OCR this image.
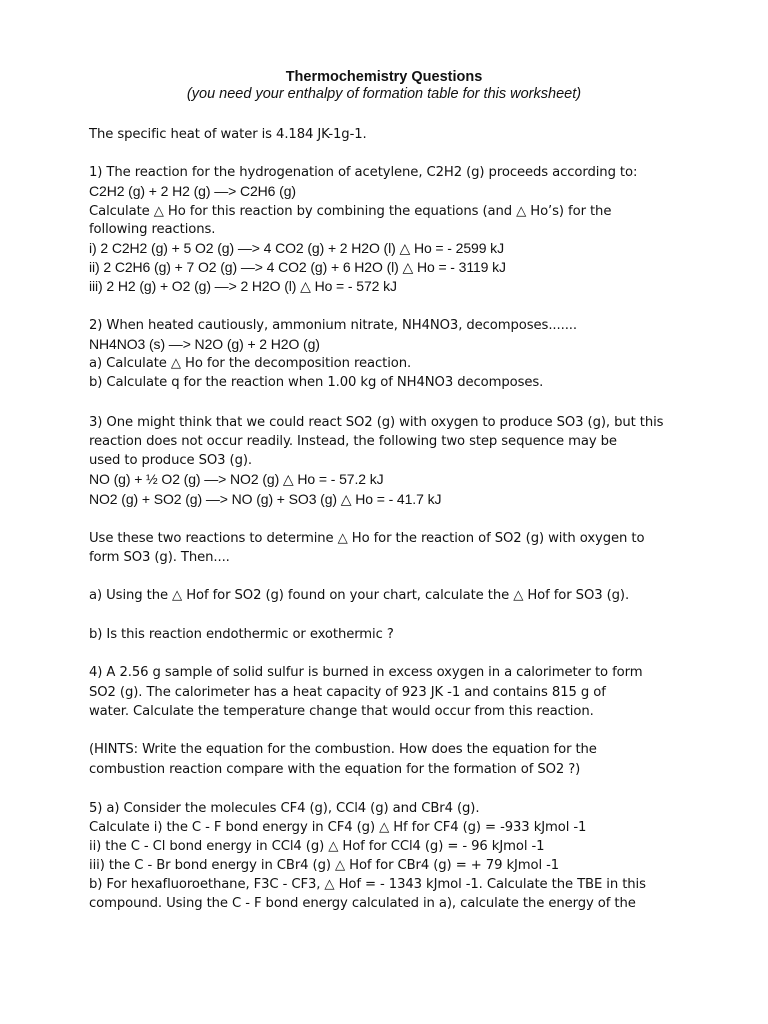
Thermochemistry Questions
(you need your enthalpy of formation table for this worksheet)
The specific heat of water is 4.184 JK-1g-1.
1) The reaction for the hydrogenation of acetylene, C2H2 (g) proceeds according to:
C2H2 (g) + 2 H2 (g) —> C2H6 (g)
Calculate △ Ho for this reaction by combining the equations (and △ Ho’s) for the
following reactions.
i) 2 C2H2 (g) + 5 O2 (g) —> 4 CO2 (g) + 2 H2O (l) △ Ho = - 2599 kJ
ii) 2 C2H6 (g) + 7 O2 (g) —> 4 CO2 (g) + 6 H2O (l) △ Ho = - 3119 kJ
iii) 2 H2 (g) + O2 (g) —> 2 H2O (l) △ Ho = - 572 kJ
2) When heated cautiously, ammonium nitrate, NH4NO3, decomposes.......
NH4NO3 (s) —> N2O (g) + 2 H2O (g)
a) Calculate △ Ho for the decomposition reaction.
b) Calculate q for the reaction when 1.00 kg of NH4NO3 decomposes.
3) One might think that we could react SO2 (g) with oxygen to produce SO3 (g), but this
reaction does not occur readily. Instead, the following two step sequence may be
used to produce SO3 (g).
NO (g) + ½ O2 (g) —> NO2 (g) △ Ho = - 57.2 kJ
NO2 (g) + SO2 (g) —> NO (g) + SO3 (g) △ Ho = - 41.7 kJ
Use these two reactions to determine △ Ho for the reaction of SO2 (g) with oxygen to
form SO3 (g). Then....
a) Using the △ Hof for SO2 (g) found on your chart, calculate the △ Hof for SO3 (g).
b) Is this reaction endothermic or exothermic ?
4) A 2.56 g sample of solid sulfur is burned in excess oxygen in a calorimeter to form
SO2 (g). The calorimeter has a heat capacity of 923 JK -1 and contains 815 g of
water. Calculate the temperature change that would occur from this reaction.
(HINTS: Write the equation for the combustion. How does the equation for the
combustion reaction compare with the equation for the formation of SO2 ?)
5) a) Consider the molecules CF4 (g), CCl4 (g) and CBr4 (g).
Calculate i) the C - F bond energy in CF4 (g) △ Hf for CF4 (g) = -933 kJmol -1
ii) the C - Cl bond energy in CCl4 (g) △ Hof for CCl4 (g) = - 96 kJmol -1
iii) the C - Br bond energy in CBr4 (g) △ Hof for CBr4 (g) = + 79 kJmol -1
b) For hexafluoroethane, F3C - CF3, △ Hof = - 1343 kJmol -1. Calculate the TBE in this
compound. Using the C - F bond energy calculated in a), calculate the energy of the
